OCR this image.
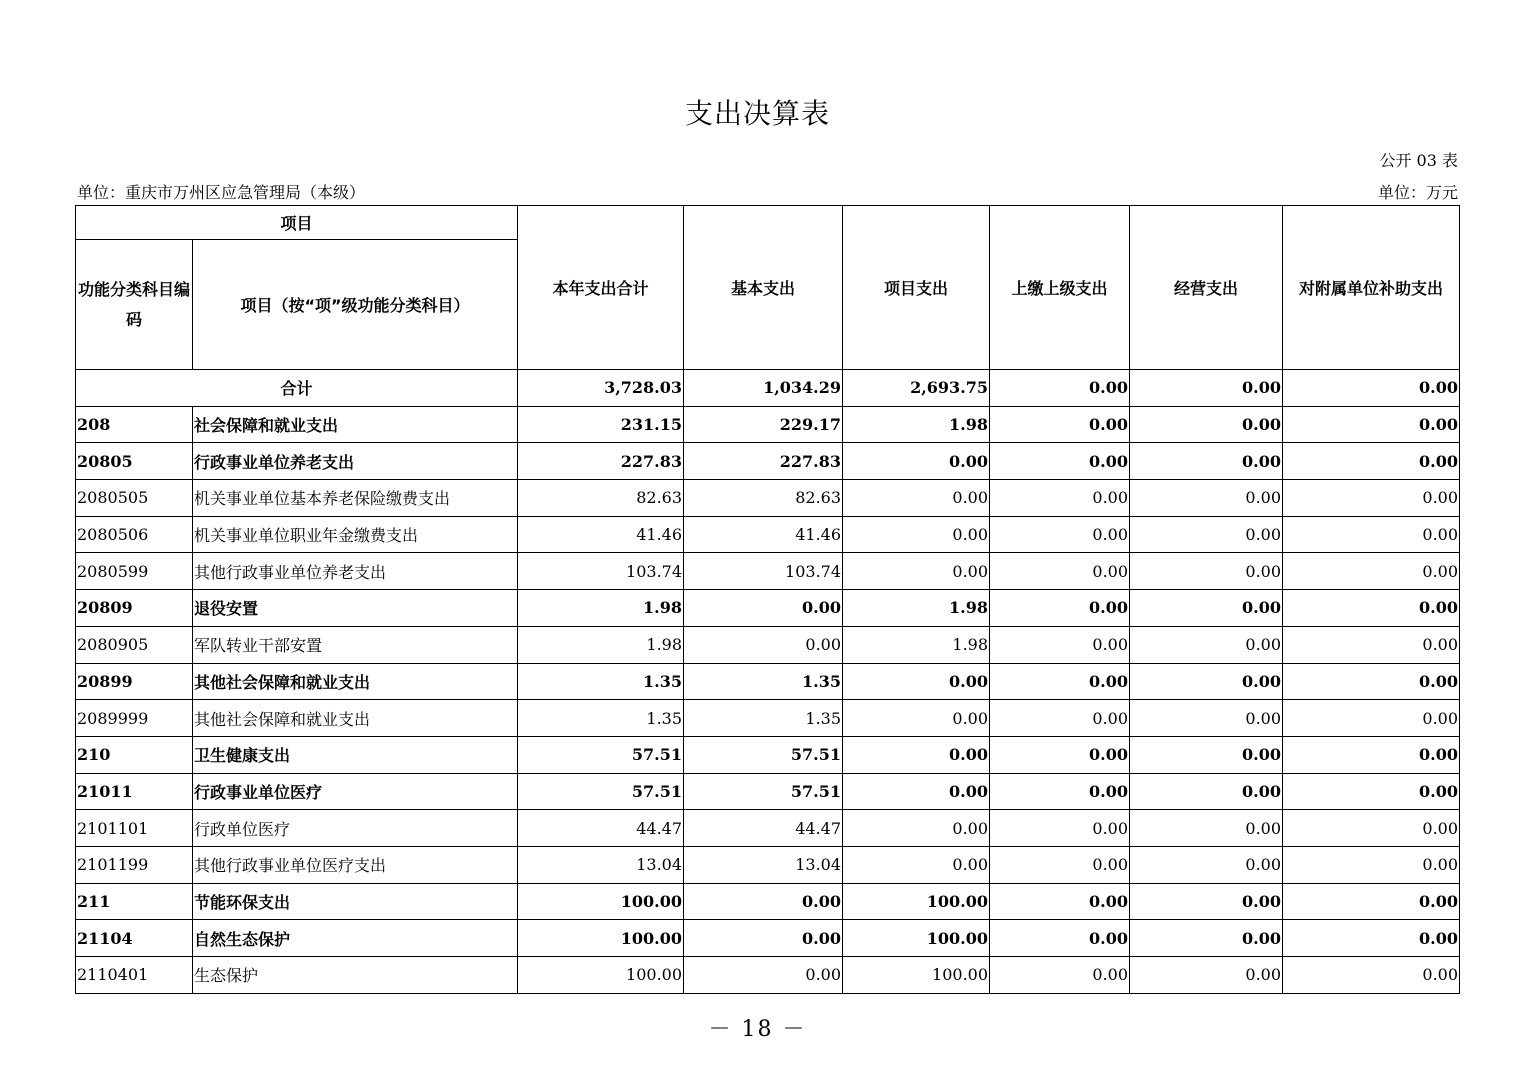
支出决算表
公开 03 表
单位：重庆市万州区应急管理局（本级）	单位：万元
项目		本年支出合计	基本支出	项目支出	上缴上级支出	经营支出	对附属单位补助支出
功能分类科目编码	项目（按“项”级功能分类科目）						
合计		3,728.03	1,034.29	2,693.75	0.00	0.00	0.00
208	社会保障和就业支出	231.15	229.17	1.98	0.00	0.00	0.00
20805	行政事业单位养老支出	227.83	227.83	0.00	0.00	0.00	0.00
2080505	机关事业单位基本养老保险缴费支出	82.63	82.63	0.00	0.00	0.00	0.00
2080506	机关事业单位职业年金缴费支出	41.46	41.46	0.00	0.00	0.00	0.00
2080599	其他行政事业单位养老支出	103.74	103.74	0.00	0.00	0.00	0.00
20809	退役安置	1.98	0.00	1.98	0.00	0.00	0.00
2080905	军队转业干部安置	1.98	0.00	1.98	0.00	0.00	0.00
20899	其他社会保障和就业支出	1.35	1.35	0.00	0.00	0.00	0.00
2089999	其他社会保障和就业支出	1.35	1.35	0.00	0.00	0.00	0.00
210	卫生健康支出	57.51	57.51	0.00	0.00	0.00	0.00
21011	行政事业单位医疗	57.51	57.51	0.00	0.00	0.00	0.00
2101101	行政单位医疗	44.47	44.47	0.00	0.00	0.00	0.00
2101199	其他行政事业单位医疗支出	13.04	13.04	0.00	0.00	0.00	0.00
211	节能环保支出	100.00	0.00	100.00	0.00	0.00	0.00
21104	自然生态保护	100.00	0.00	100.00	0.00	0.00	0.00
2110401	生态保护	100.00	0.00	100.00	0.00	0.00	0.00
－ 18 －
